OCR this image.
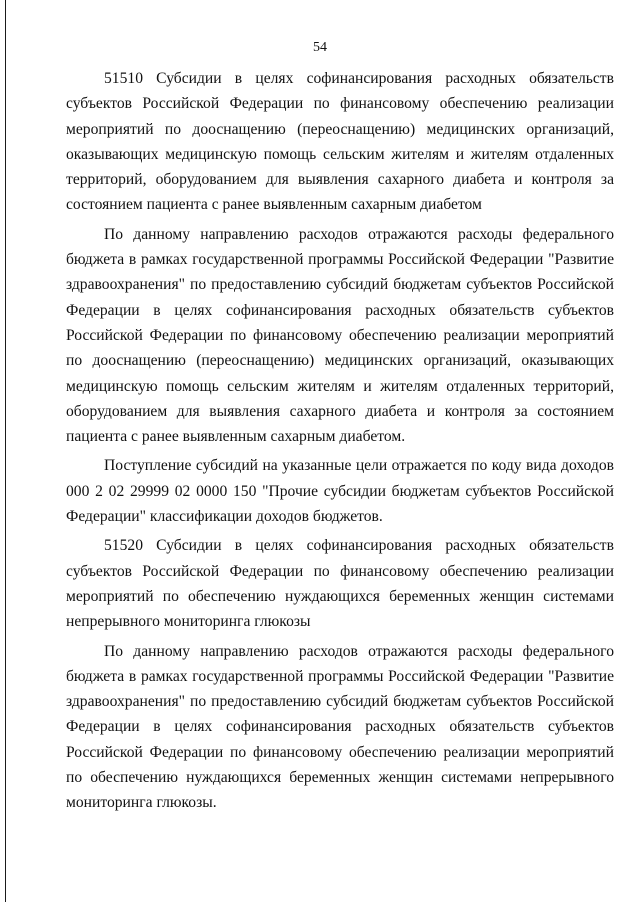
54

51510 Субсидии в целях софинансирования расходных обязательств субъектов Российской Федерации по финансовому обеспечению реализации мероприятий по дооснащению (переоснащению) медицинских организаций, оказывающих медицинскую помощь сельским жителям и жителям отдаленных территорий, оборудованием для выявления сахарного диабета и контроля за состоянием пациента с ранее выявленным сахарным диабетом

По данному направлению расходов отражаются расходы федерального бюджета в рамках государственной программы Российской Федерации "Развитие здравоохранения" по предоставлению субсидий бюджетам субъектов Российской Федерации в целях софинансирования расходных обязательств субъектов Российской Федерации по финансовому обеспечению реализации мероприятий по дооснащению (переоснащению) медицинских организаций, оказывающих медицинскую помощь сельским жителям и жителям отдаленных территорий, оборудованием для выявления сахарного диабета и контроля за состоянием пациента с ранее выявленным сахарным диабетом.

Поступление субсидий на указанные цели отражается по коду вида доходов 000 2 02 29999 02 0000 150 "Прочие субсидии бюджетам субъектов Российской Федерации" классификации доходов бюджетов.

51520 Субсидии в целях софинансирования расходных обязательств субъектов Российской Федерации по финансовому обеспечению реализации мероприятий по обеспечению нуждающихся беременных женщин системами непрерывного мониторинга глюкозы

По данному направлению расходов отражаются расходы федерального бюджета в рамках государственной программы Российской Федерации "Развитие здравоохранения" по предоставлению субсидий бюджетам субъектов Российской Федерации в целях софинансирования расходных обязательств субъектов Российской Федерации по финансовому обеспечению реализации мероприятий по обеспечению нуждающихся беременных женщин системами непрерывного мониторинга глюкозы.
